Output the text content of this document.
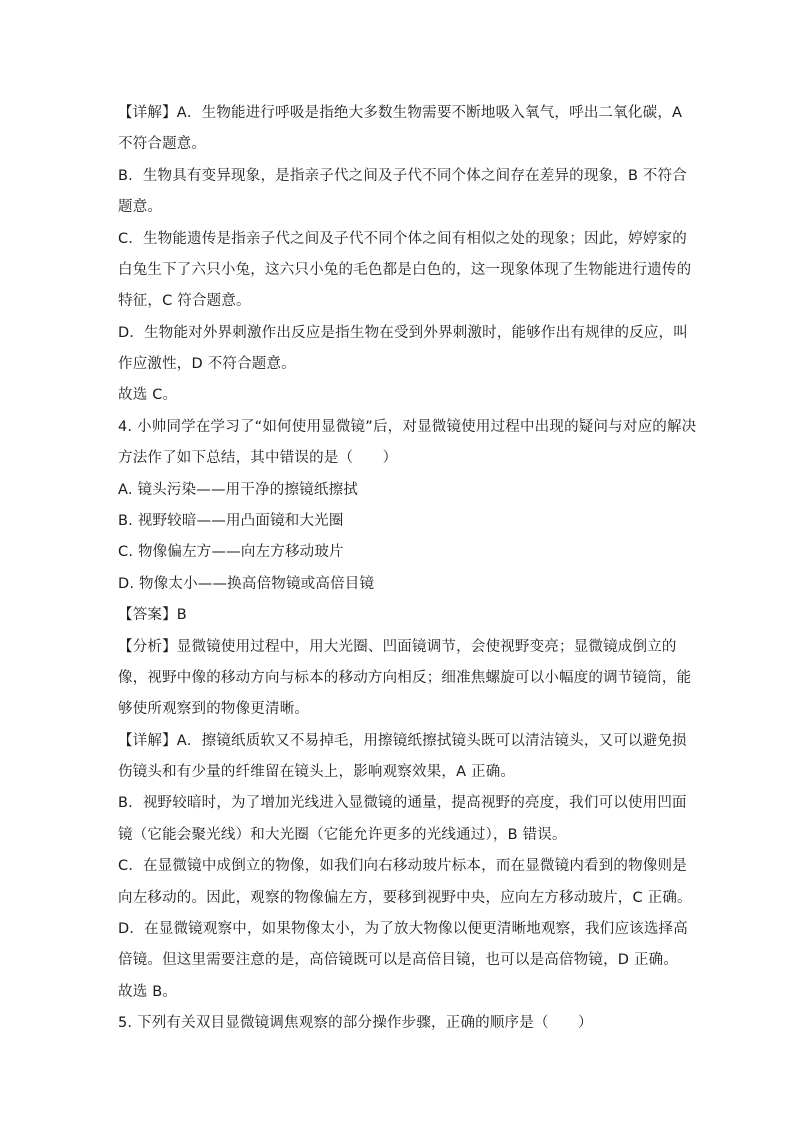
【详解】A．生物能进行呼吸是指绝大多数生物需要不断地吸入氧气，呼出二氧化碳，A
不符合题意。
B．生物具有变异现象，是指亲子代之间及子代不同个体之间存在差异的现象，B 不符合
题意。
C．生物能遗传是指亲子代之间及子代不同个体之间有相似之处的现象；因此，婷婷家的
白兔生下了六只小兔，这六只小兔的毛色都是白色的，这一现象体现了生物能进行遗传的
特征，C 符合题意。
D．生物能对外界刺激作出反应是指生物在受到外界刺激时，能够作出有规律的反应，叫
作应激性，D 不符合题意。
故选 C。
4. 小帅同学在学习了“如何使用显微镜”后，对显微镜使用过程中出现的疑问与对应的解决
方法作了如下总结，其中错误的是（　　）
A. 镜头污染——用干净的擦镜纸擦拭
B. 视野较暗——用凸面镜和大光圈
C. 物像偏左方——向左方移动玻片
D. 物像太小——换高倍物镜或高倍目镜
【答案】B
【分析】显微镜使用过程中，用大光圈、凹面镜调节，会使视野变亮；显微镜成倒立的
像，视野中像的移动方向与标本的移动方向相反；细准焦螺旋可以小幅度的调节镜筒，能
够使所观察到的物像更清晰。
【详解】A．擦镜纸质软又不易掉毛，用擦镜纸擦拭镜头既可以清洁镜头，又可以避免损
伤镜头和有少量的纤维留在镜头上，影响观察效果，A 正确。
B．视野较暗时，为了增加光线进入显微镜的通量，提高视野的亮度，我们可以使用凹面
镜（它能会聚光线）和大光圈（它能允许更多的光线通过），B 错误。
C．在显微镜中成倒立的物像，如我们向右移动玻片标本，而在显微镜内看到的物像则是
向左移动的。因此，观察的物像偏左方，要移到视野中央，应向左方移动玻片，C 正确。
D．在显微镜观察中，如果物像太小，为了放大物像以便更清晰地观察，我们应该选择高
倍镜。但这里需要注意的是，高倍镜既可以是高倍目镜，也可以是高倍物镜，D 正确。
故选 B。
5. 下列有关双目显微镜调焦观察的部分操作步骤，正确的顺序是（　　）
